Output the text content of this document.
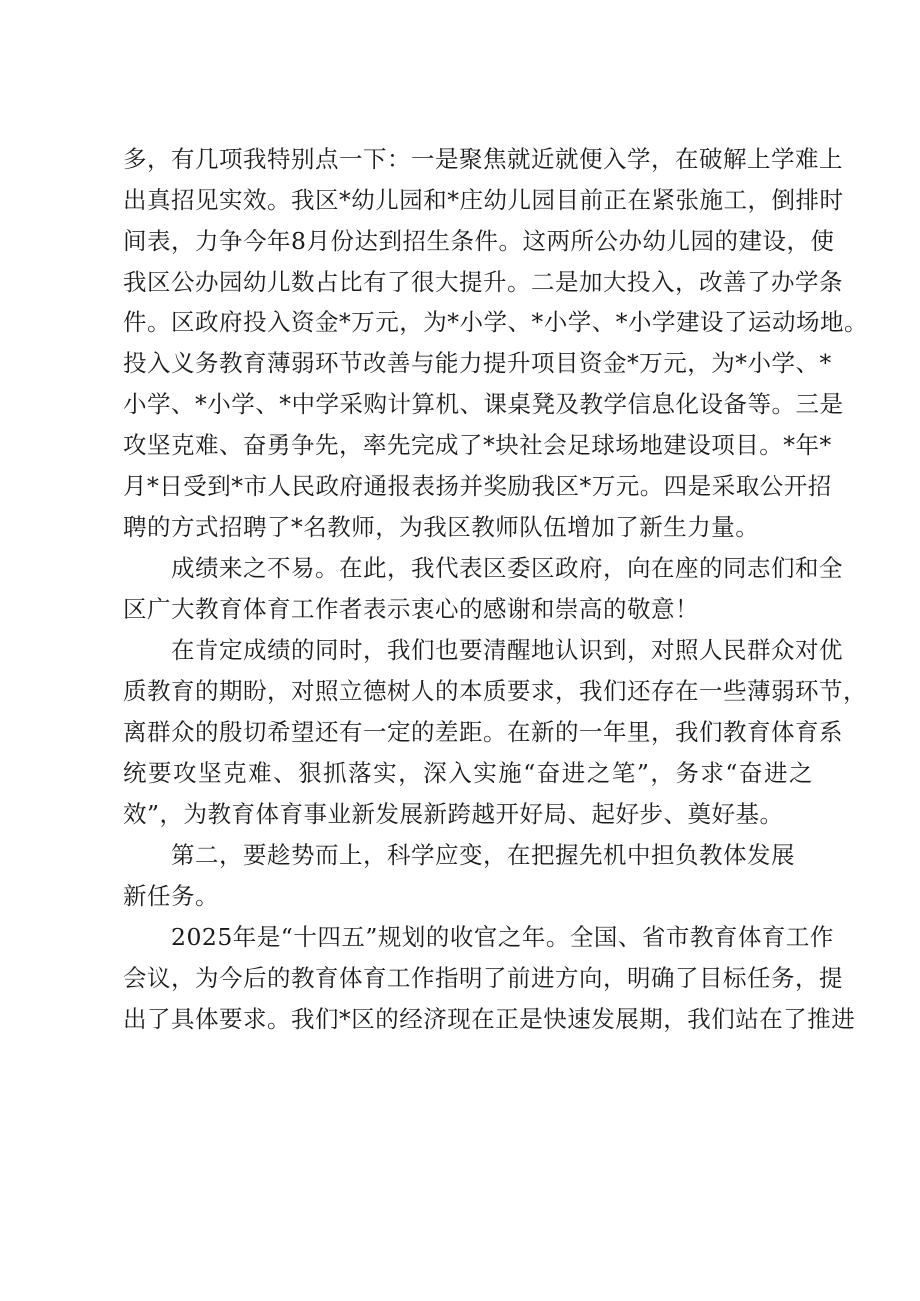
多，有几项我特别点一下：一是聚焦就近就便入学，在破解上学难上
出真招见实效。我区*幼儿园和*庄幼儿园目前正在紧张施工，倒排时
间表，力争今年8月份达到招生条件。这两所公办幼儿园的建设，使
我区公办园幼儿数占比有了很大提升。二是加大投入，改善了办学条
件。区政府投入资金*万元，为*小学、*小学、*小学建设了运动场地。
投入义务教育薄弱环节改善与能力提升项目资金*万元，为*小学、*
小学、*小学、*中学采购计算机、课桌凳及教学信息化设备等。三是
攻坚克难、奋勇争先，率先完成了*块社会足球场地建设项目。*年*
月*日受到*市人民政府通报表扬并奖励我区*万元。四是采取公开招
聘的方式招聘了*名教师，为我区教师队伍增加了新生力量。
成绩来之不易。在此，我代表区委区政府，向在座的同志们和全
区广大教育体育工作者表示衷心的感谢和崇高的敬意！
在肯定成绩的同时，我们也要清醒地认识到，对照人民群众对优
质教育的期盼，对照立德树人的本质要求，我们还存在一些薄弱环节，
离群众的殷切希望还有一定的差距。在新的一年里，我们教育体育系
统要攻坚克难、狠抓落实，深入实施“奋进之笔”，务求“奋进之
效”，为教育体育事业新发展新跨越开好局、起好步、奠好基。
第二，要趁势而上，科学应变，在把握先机中担负教体发展
新任务。
2025年是“十四五”规划的收官之年。全国、省市教育体育工作
会议，为今后的教育体育工作指明了前进方向，明确了目标任务，提
出了具体要求。我们*区的经济现在正是快速发展期，我们站在了推进
